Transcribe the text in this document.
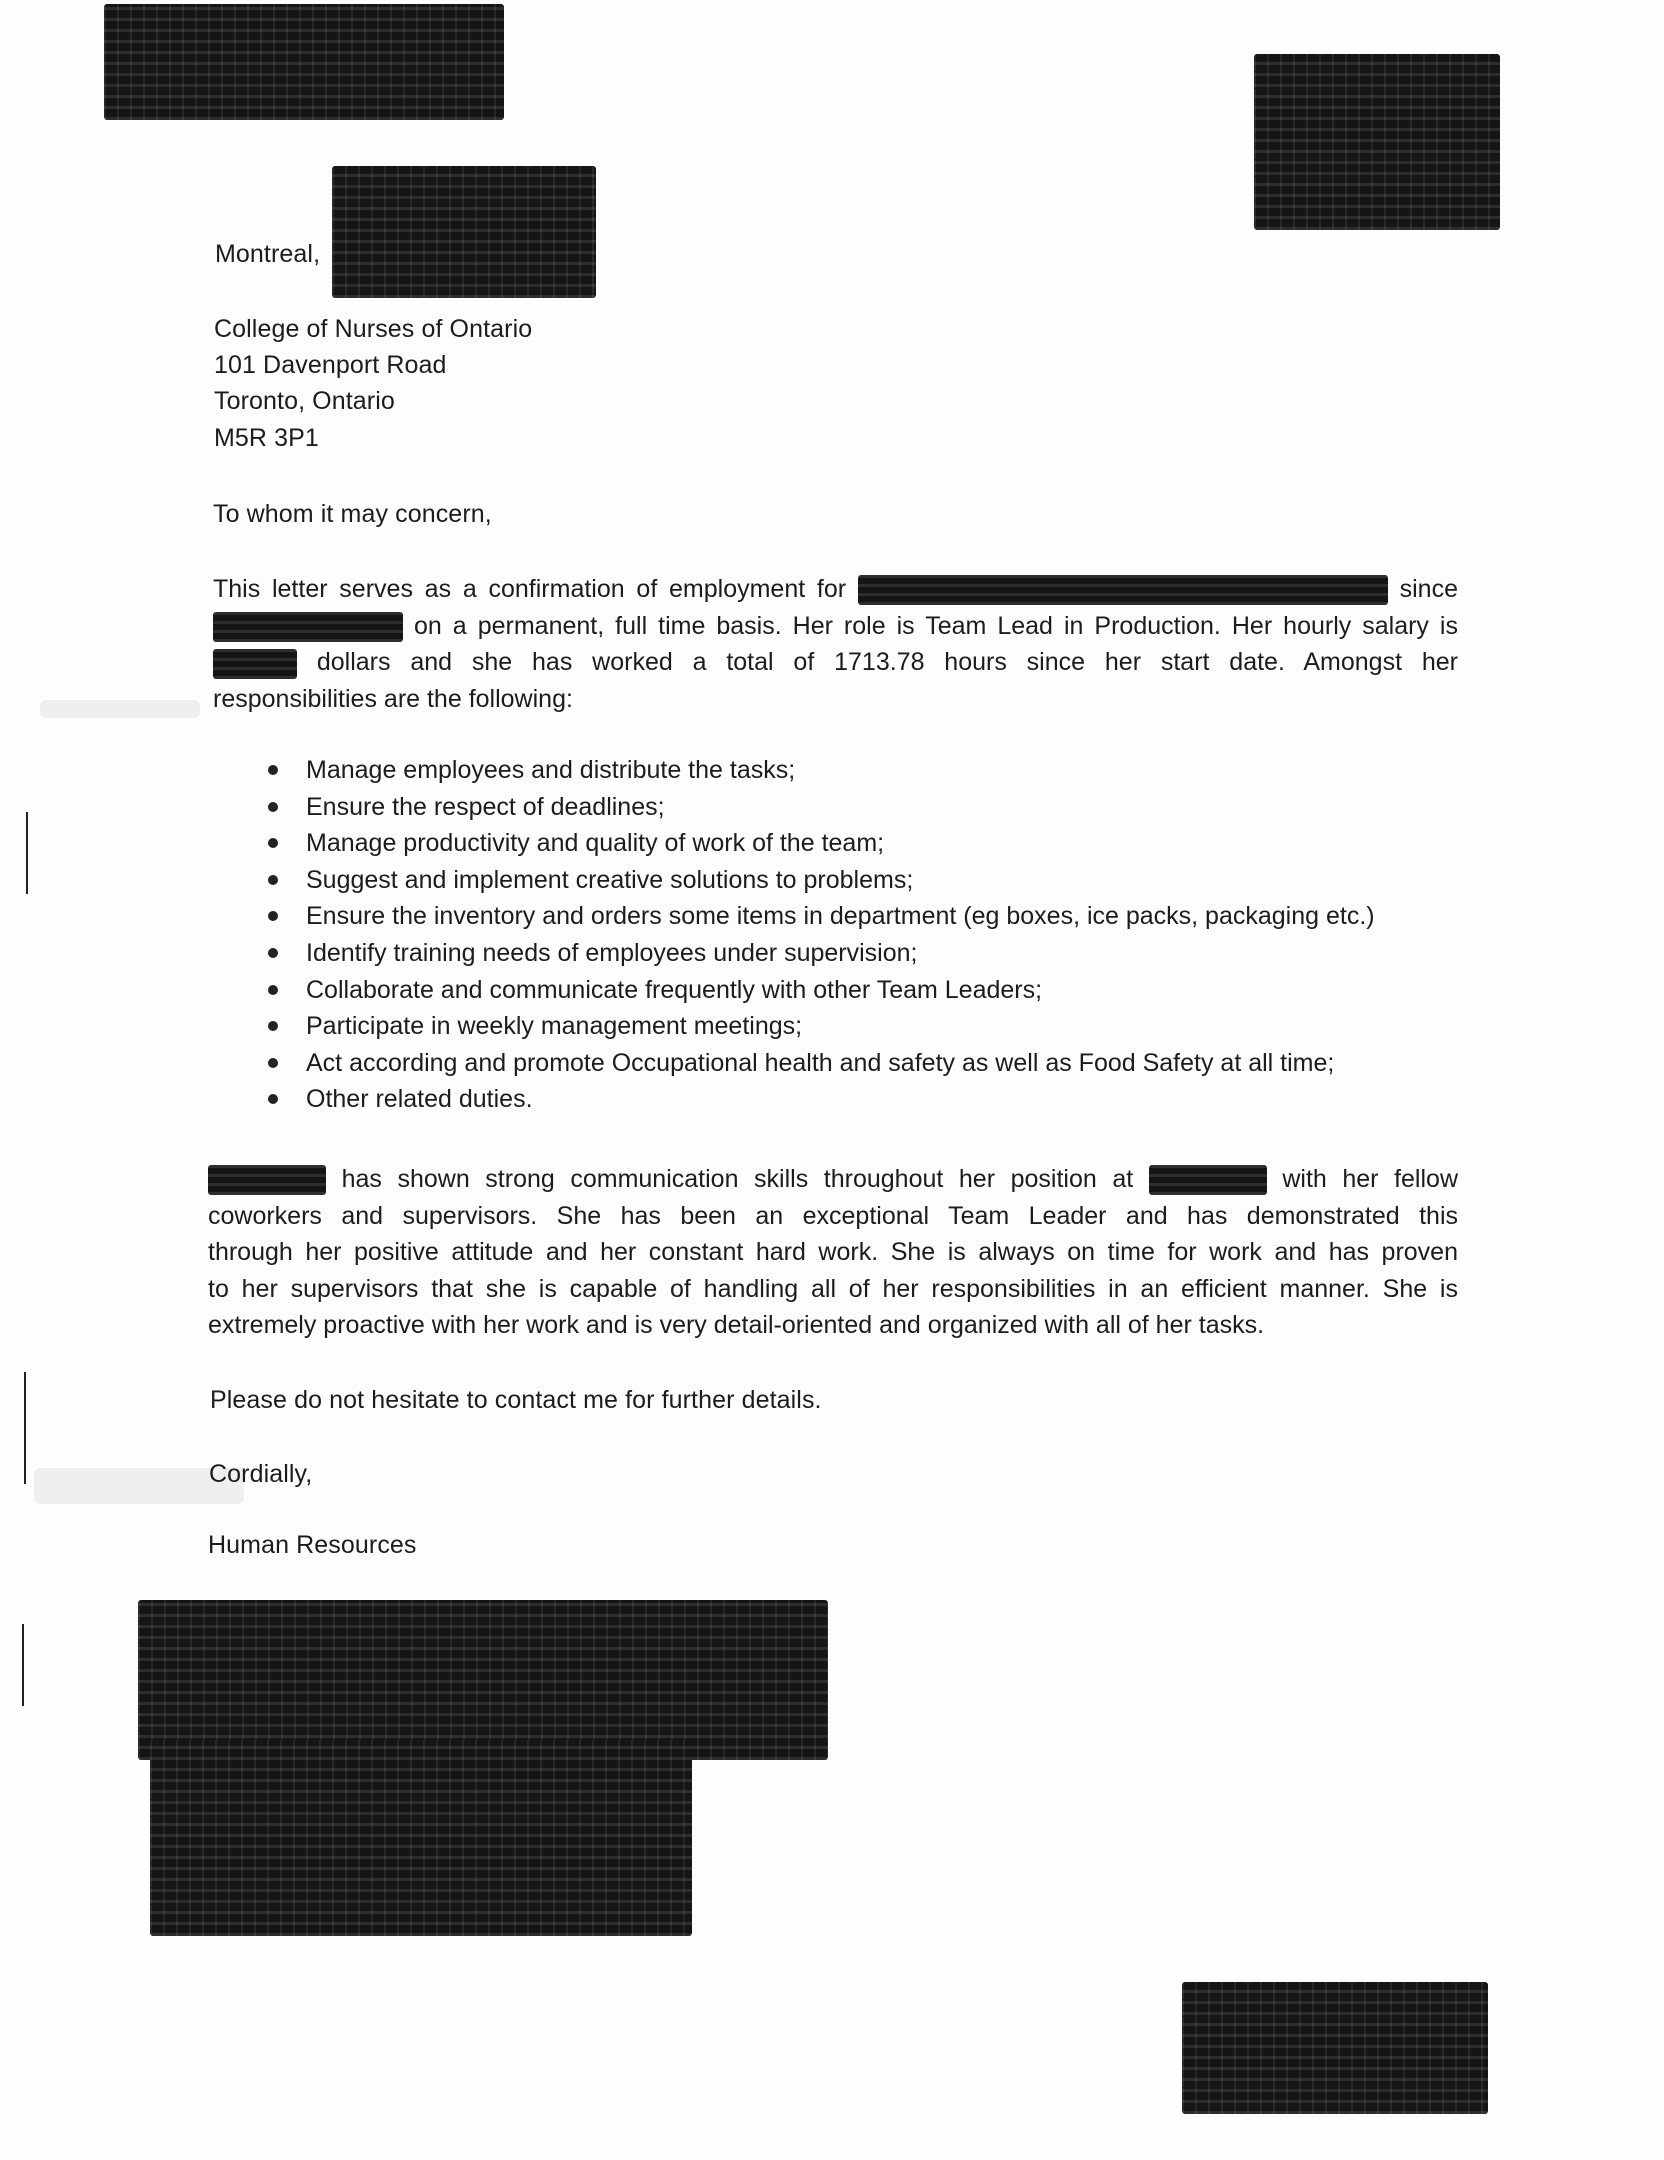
Montreal,
College of Nurses of Ontario
101 Davenport Road
Toronto, Ontario
M5R 3P1
To whom it may concern,
This letter serves as a confirmation of employment for	since
on a permanent, full time basis. Her role is Team Lead in Production. Her hourly salary is
dollars and she has worked a total of 1713.78 hours since her start date. Amongst her
responsibilities are the following:
Manage employees and distribute the tasks;
Ensure the respect of deadlines;
Manage productivity and quality of work of the team;
Suggest and implement creative solutions to problems;
Ensure the inventory and orders some items in department (eg boxes, ice packs, packaging etc.)
Identify training needs of employees under supervision;
Collaborate and communicate frequently with other Team Leaders;
Participate in weekly management meetings;
Act according and promote Occupational health and safety as well as Food Safety at all time;
Other related duties.
has shown strong communication skills throughout her position at	with her fellow
coworkers and supervisors. She has been an exceptional Team Leader and has demonstrated this
through her positive attitude and her constant hard work. She is always on time for work and has proven
to her supervisors that she is capable of handling all of her responsibilities in an efficient manner. She is
extremely proactive with her work and is very detail-oriented and organized with all of her tasks.
Please do not hesitate to contact me for further details.
Cordially,
Human Resources
